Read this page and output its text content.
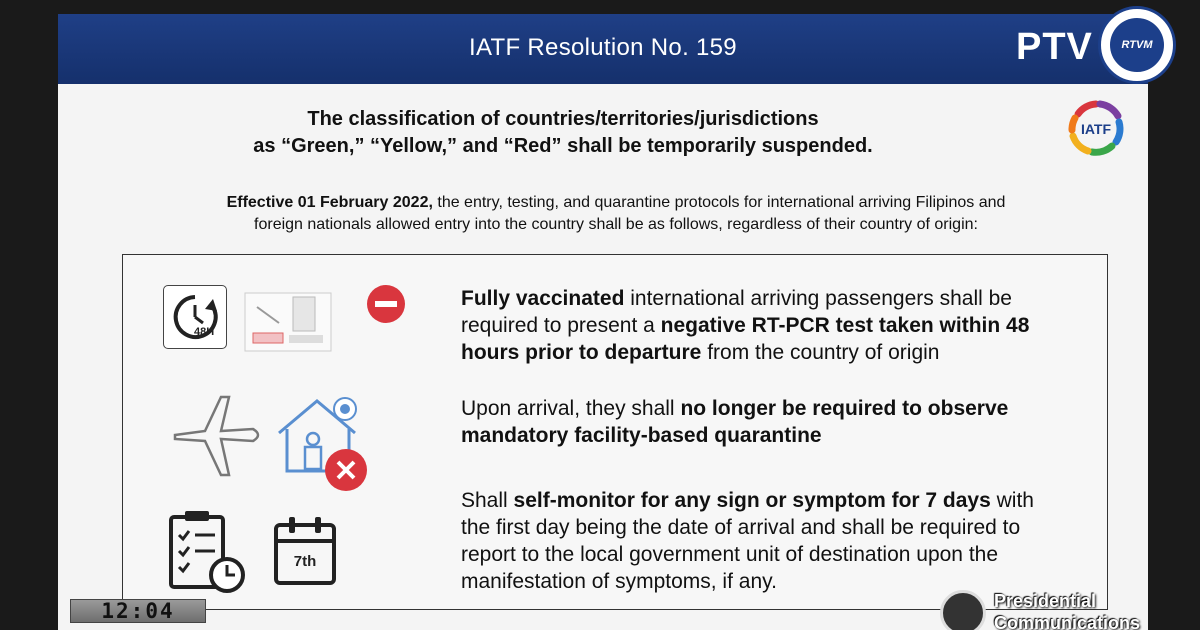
IATF Resolution No. 159
The classification of countries/territories/jurisdictions
as “Green,” “Yellow,” and “Red” shall be temporarily suspended.
IATF
Effective 01 February 2022, the entry, testing, and quarantine protocols for international arriving Filipinos and
foreign nationals allowed entry into the country shall be as follows, regardless of their country of origin:
48H
7th
Fully vaccinated international arriving passengers shall be
required to present a negative RT-PCR test taken within 48
hours prior to departure from the country of origin
Upon arrival, they shall no longer be required to observe
mandatory facility-based quarantine
Shall self-monitor for any sign or symptom for 7 days with
the first day being the date of arrival and shall be required to
report to the local government unit of destination upon the
manifestation of symptoms, if any.
PTV	RTVM
12:04	Presidential
Communications
